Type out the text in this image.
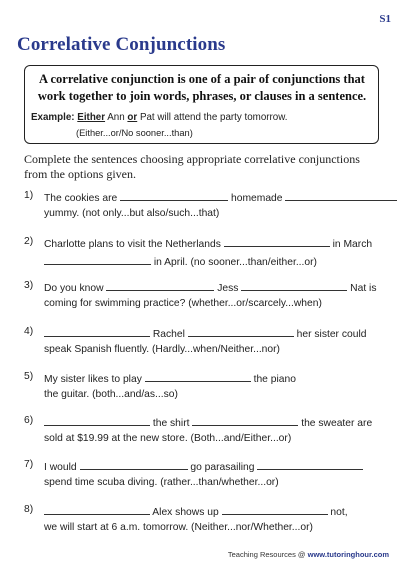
S1
Correlative Conjunctions
A correlative conjunction is one of a pair of conjunctions that work together to join words, phrases, or clauses in a sentence.
Example: Either Ann or Pat will attend the party tomorrow.
(Either...or/No sooner...than)
Complete the sentences choosing appropriate correlative conjunctions from the options given.
1) The cookies are	homemade
yummy. (not only...but also/such...that)
2) Charlotte plans to visit the Netherlands	in March
in April. (no sooner...than/either...or)
3) Do you know	Jess	Nat is
coming for swimming practice? (whether...or/scarcely...when)
4)	Rachel	her sister could
speak Spanish fluently. (Hardly...when/Neither...nor)
5) My sister likes to play	the piano
the guitar. (both...and/as...so)
6)	the shirt	the sweater are
sold at $19.99 at the new store. (Both...and/Either...or)
7) I would	go parasailing
spend time scuba diving. (rather...than/whether...or)
8)	Alex shows up	not,
we will start at 6 a.m. tomorrow. (Neither...nor/Whether...or)
Teaching Resources @ www.tutoringhour.com
